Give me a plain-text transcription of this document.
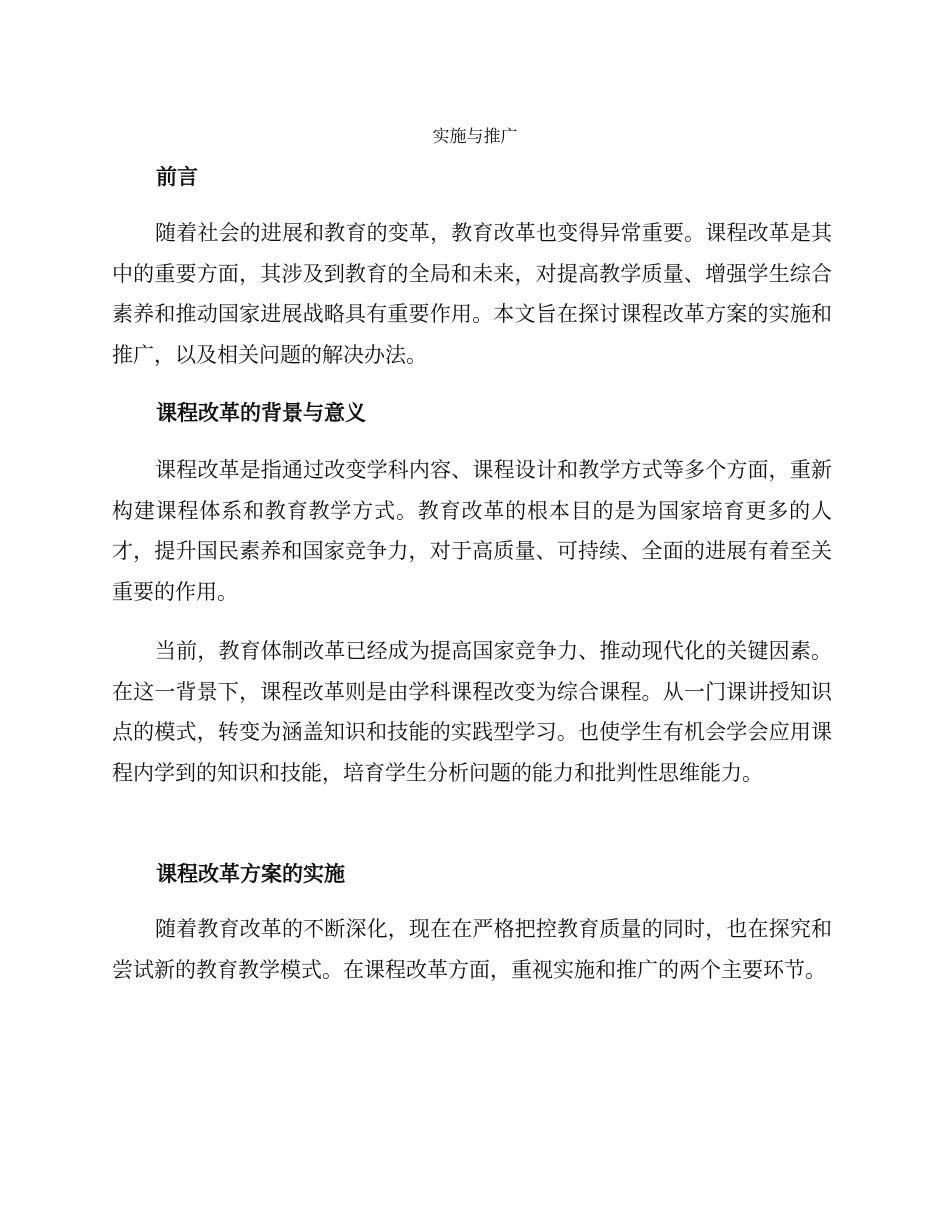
实施与推广
前言

随着社会的进展和教育的变革，教育改革也变得异常重要。课程改革是其中的重要方面，其涉及到教育的全局和未来，对提高教学质量、增强学生综合素养和推动国家进展战略具有重要作用。本文旨在探讨课程改革方案的实施和推广，以及相关问题的解决办法。

课程改革的背景与意义

课程改革是指通过改变学科内容、课程设计和教学方式等多个方面，重新构建课程体系和教育教学方式。教育改革的根本目的是为国家培育更多的人才，提升国民素养和国家竞争力，对于高质量、可持续、全面的进展有着至关重要的作用。

当前，教育体制改革已经成为提高国家竞争力、推动现代化的关键因素。在这一背景下，课程改革则是由学科课程改变为综合课程。从一门课讲授知识点的模式，转变为涵盖知识和技能的实践型学习。也使学生有机会学会应用课程内学到的知识和技能，培育学生分析问题的能力和批判性思维能力。

课程改革方案的实施

随着教育改革的不断深化，现在在严格把控教育质量的同时，也在探究和尝试新的教育教学模式。在课程改革方面，重视实施和推广的两个主要环节。
